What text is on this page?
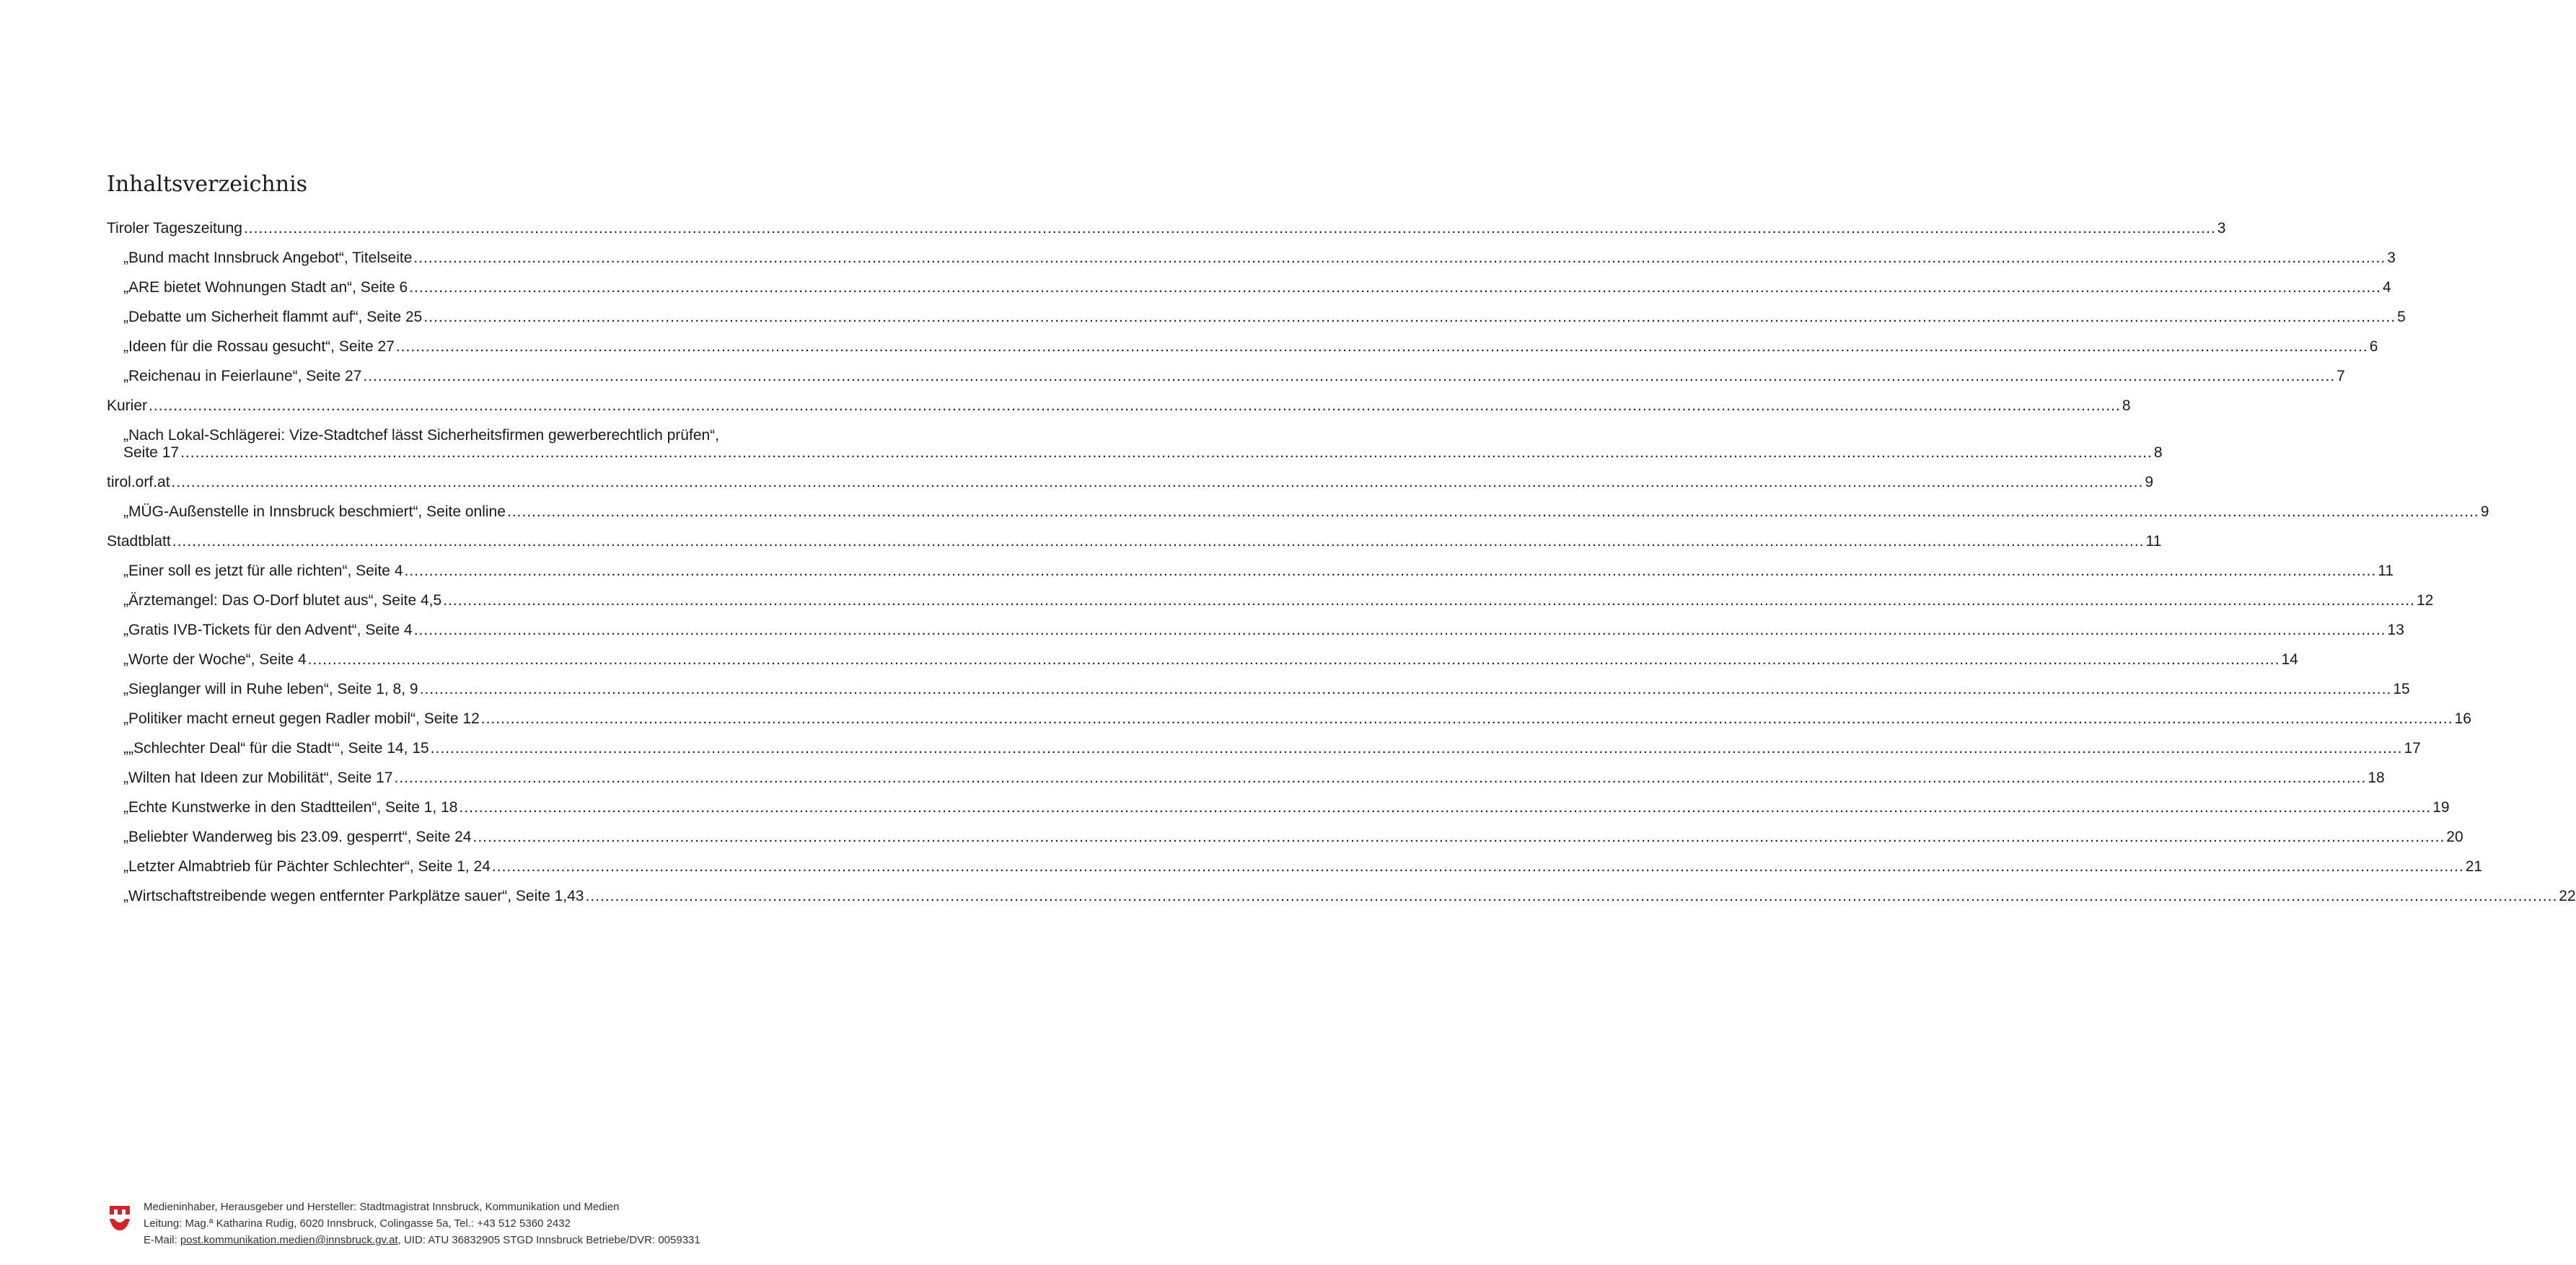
Inhaltsverzeichnis
Tiroler Tageszeitung ................................................................................................................................................................................................................................................................................................................................................................................................................ 3
„Bund macht Innsbruck Angebot“, Titelseite ................................................................................................................................................................................................................................................................................................................................................................................................................ 3
„ARE bietet Wohnungen Stadt an“, Seite 6 ................................................................................................................................................................................................................................................................................................................................................................................................................ 4
„Debatte um Sicherheit flammt auf“, Seite 25 ................................................................................................................................................................................................................................................................................................................................................................................................................ 5
„Ideen für die Rossau gesucht“, Seite 27 ................................................................................................................................................................................................................................................................................................................................................................................................................ 6
„Reichenau in Feierlaune“, Seite 27 ................................................................................................................................................................................................................................................................................................................................................................................................................ 7
Kurier ................................................................................................................................................................................................................................................................................................................................................................................................................ 8
„Nach Lokal-Schlägerei: Vize-Stadtchef lässt Sicherheitsfirmen gewerberechtlich prüfen“,
Seite 17 ................................................................................................................................................................................................................................................................................................................................................................................................................ 8
tirol.orf.at ................................................................................................................................................................................................................................................................................................................................................................................................................ 9
„MÜG-Außenstelle in Innsbruck beschmiert“, Seite online ................................................................................................................................................................................................................................................................................................................................................................................................................ 9
Stadtblatt ................................................................................................................................................................................................................................................................................................................................................................................................................ 11
„Einer soll es jetzt für alle richten“, Seite 4 ................................................................................................................................................................................................................................................................................................................................................................................................................ 11
„Ärztemangel: Das O-Dorf blutet aus“, Seite 4,5 ................................................................................................................................................................................................................................................................................................................................................................................................................ 12
„Gratis IVB-Tickets für den Advent“, Seite 4 ................................................................................................................................................................................................................................................................................................................................................................................................................ 13
„Worte der Woche“, Seite 4 ................................................................................................................................................................................................................................................................................................................................................................................................................ 14
„Sieglanger will in Ruhe leben“, Seite 1, 8, 9 ................................................................................................................................................................................................................................................................................................................................................................................................................ 15
„Politiker macht erneut gegen Radler mobil“, Seite 12 ................................................................................................................................................................................................................................................................................................................................................................................................................ 16
„„Schlechter Deal“ für die Stadt‘“, Seite 14, 15 ................................................................................................................................................................................................................................................................................................................................................................................................................ 17
„Wilten hat Ideen zur Mobilität“, Seite 17 ................................................................................................................................................................................................................................................................................................................................................................................................................ 18
„Echte Kunstwerke in den Stadtteilen“, Seite 1, 18 ................................................................................................................................................................................................................................................................................................................................................................................................................ 19
„Beliebter Wanderweg bis 23.09. gesperrt“, Seite 24 ................................................................................................................................................................................................................................................................................................................................................................................................................ 20
„Letzter Almabtrieb für Pächter Schlechter“, Seite 1, 24 ................................................................................................................................................................................................................................................................................................................................................................................................................ 21
„Wirtschaftstreibende wegen entfernter Parkplätze sauer“, Seite 1,43 ................................................................................................................................................................................................................................................................................................................................................................................................................ 22
Medieninhaber, Herausgeber und Hersteller: Stadtmagistrat Innsbruck, Kommunikation und Medien
Leitung: Mag.ª Katharina Rudig, 6020 Innsbruck, Colingasse 5a, Tel.: +43 512 5360 2432
E-Mail: post.kommunikation.medien@innsbruck.gv.at, UID: ATU 36832905 STGD Innsbruck Betriebe/DVR: 0059331
